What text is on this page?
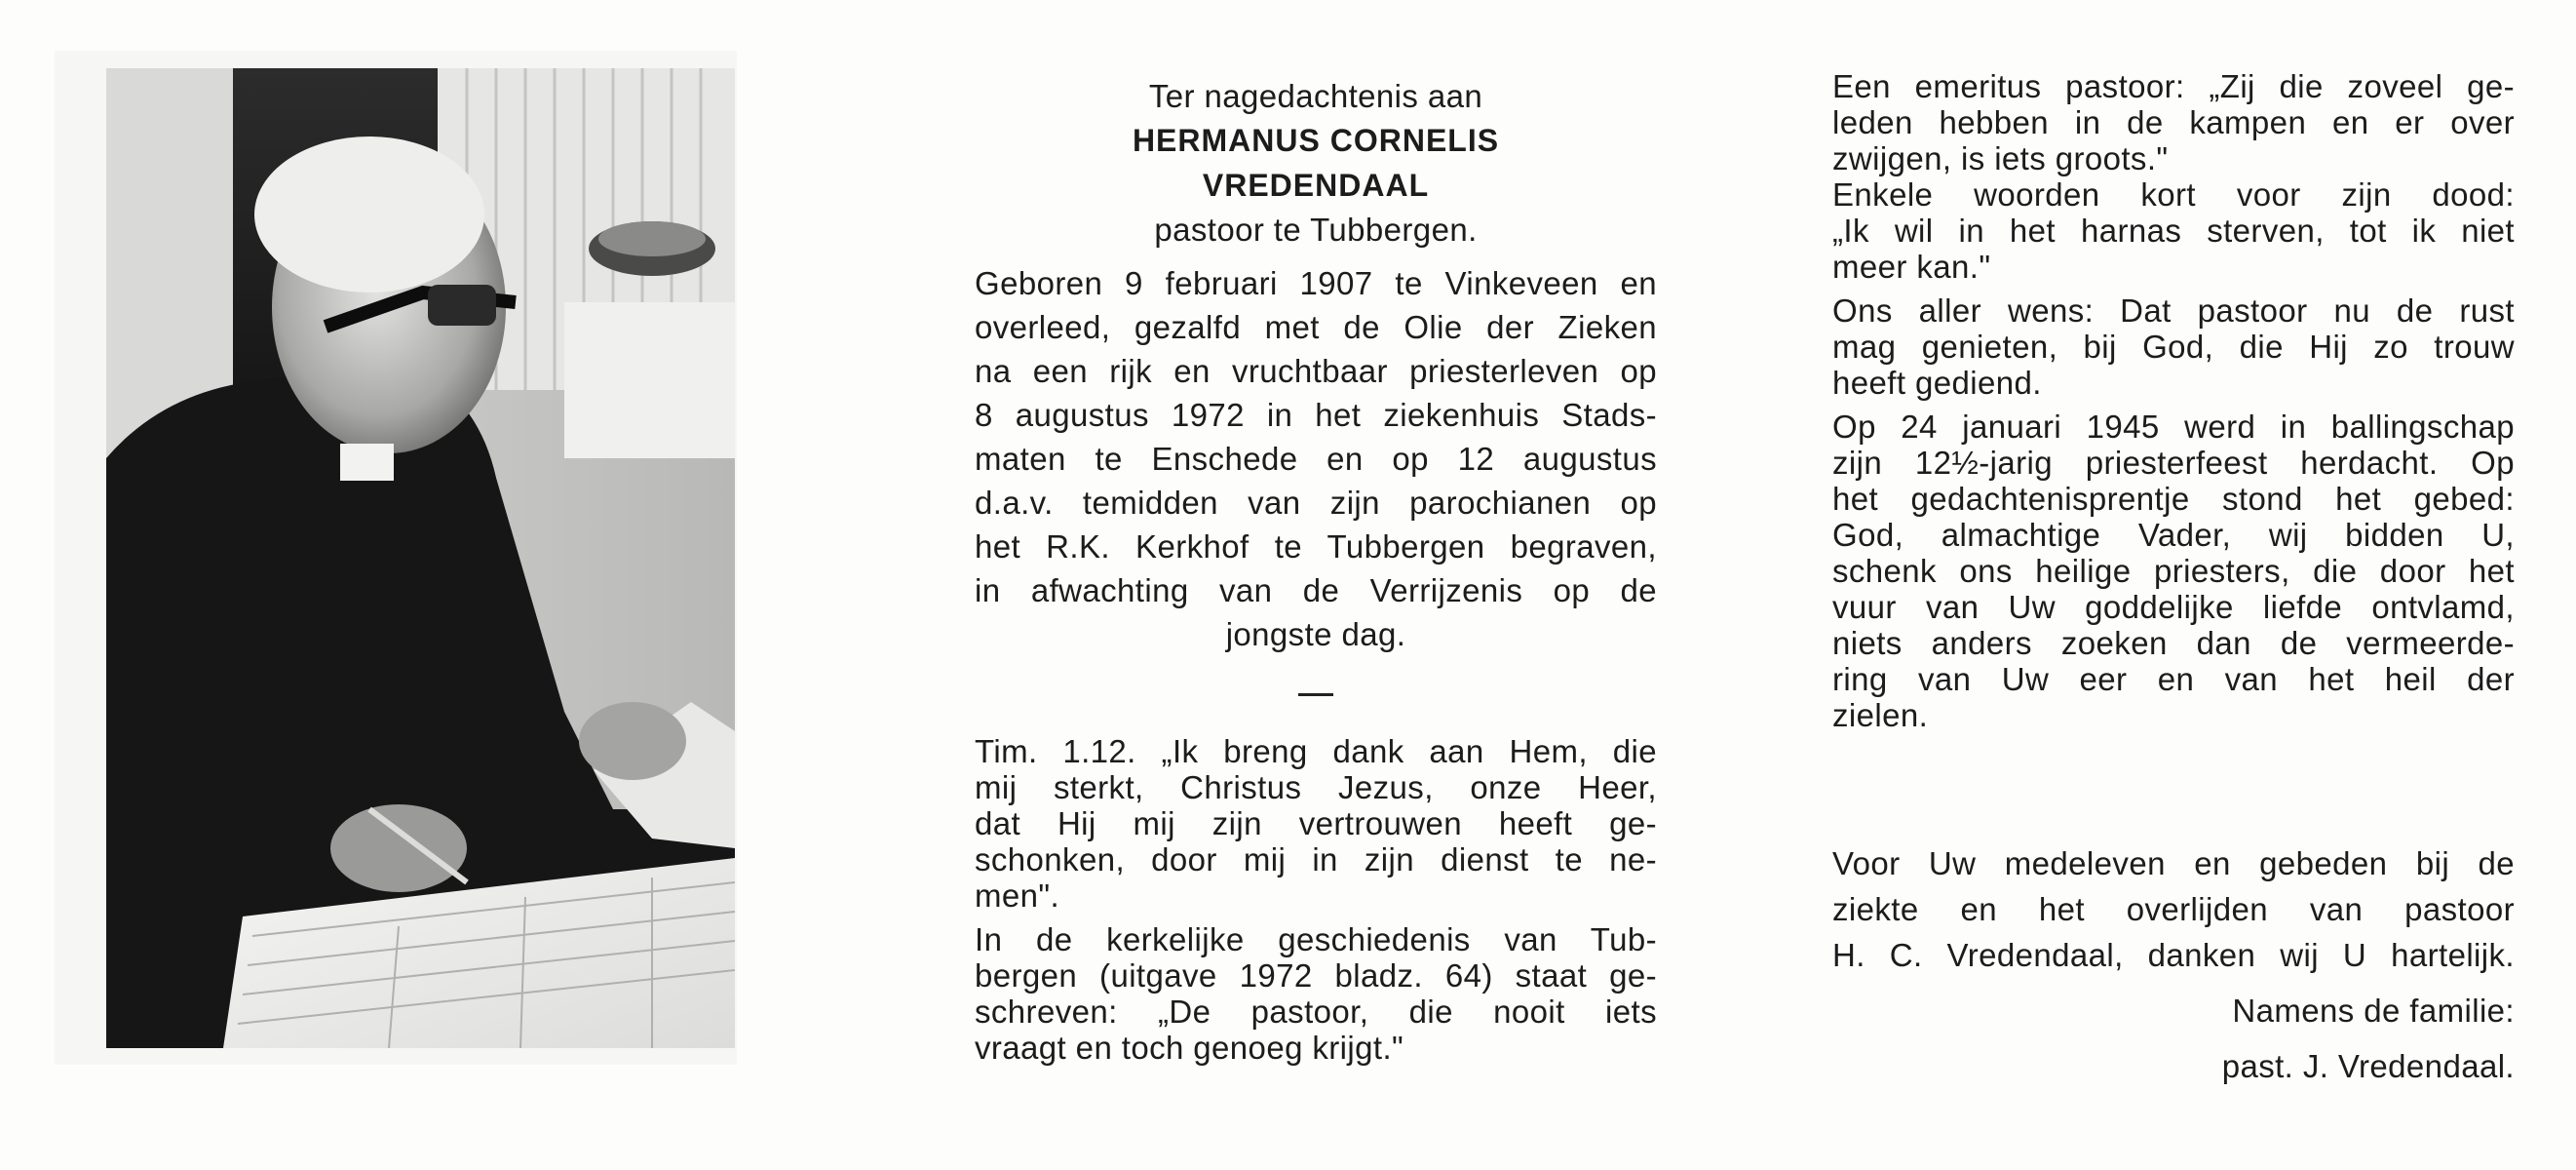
Ter nagedachtenis aan

HERMANUS CORNELIS

VREDENDAAL

pastoor te Tubbergen.

Geboren 9 februari 1907 te Vinkeveen en
overleed, gezalfd met de Olie der Zieken
na een rijk en vruchtbaar priesterleven op
8 augustus 1972 in het ziekenhuis Stads-
maten te Enschede en op 12 augustus
d.a.v. temidden van zijn parochianen op
het R.K. Kerkhof te Tubbergen begraven,
in afwachting van de Verrijzenis op de
jongste dag.
Tim. 1.12. „Ik breng dank aan Hem, die
mij sterkt, Christus Jezus, onze Heer,
dat Hij mij zijn vertrouwen heeft ge-
schonken, door mij in zijn dienst te ne-
men".
In de kerkelijke geschiedenis van Tub-
bergen (uitgave 1972 bladz. 64) staat ge-
schreven: „De pastoor, die nooit iets
vraagt en toch genoeg krijgt."
Een emeritus pastoor: „Zij die zoveel ge-
leden hebben in de kampen en er over
zwijgen, is iets groots."
Enkele woorden kort voor zijn dood:
„Ik wil in het harnas sterven, tot ik niet
meer kan."
Ons aller wens: Dat pastoor nu de rust
mag genieten, bij God, die Hij zo trouw
heeft gediend.
Op 24 januari 1945 werd in ballingschap
zijn 12½-jarig priesterfeest herdacht. Op
het gedachtenisprentje stond het gebed:
God, almachtige Vader, wij bidden U,
schenk ons heilige priesters, die door het
vuur van Uw goddelijke liefde ontvlamd,
niets anders zoeken dan de vermeerde-
ring van Uw eer en van het heil der
zielen.
Voor Uw medeleven en gebeden bij de
ziekte en het overlijden van pastoor
H. C. Vredendaal, danken wij U hartelijk.
Namens de familie:
past. J. Vredendaal.
